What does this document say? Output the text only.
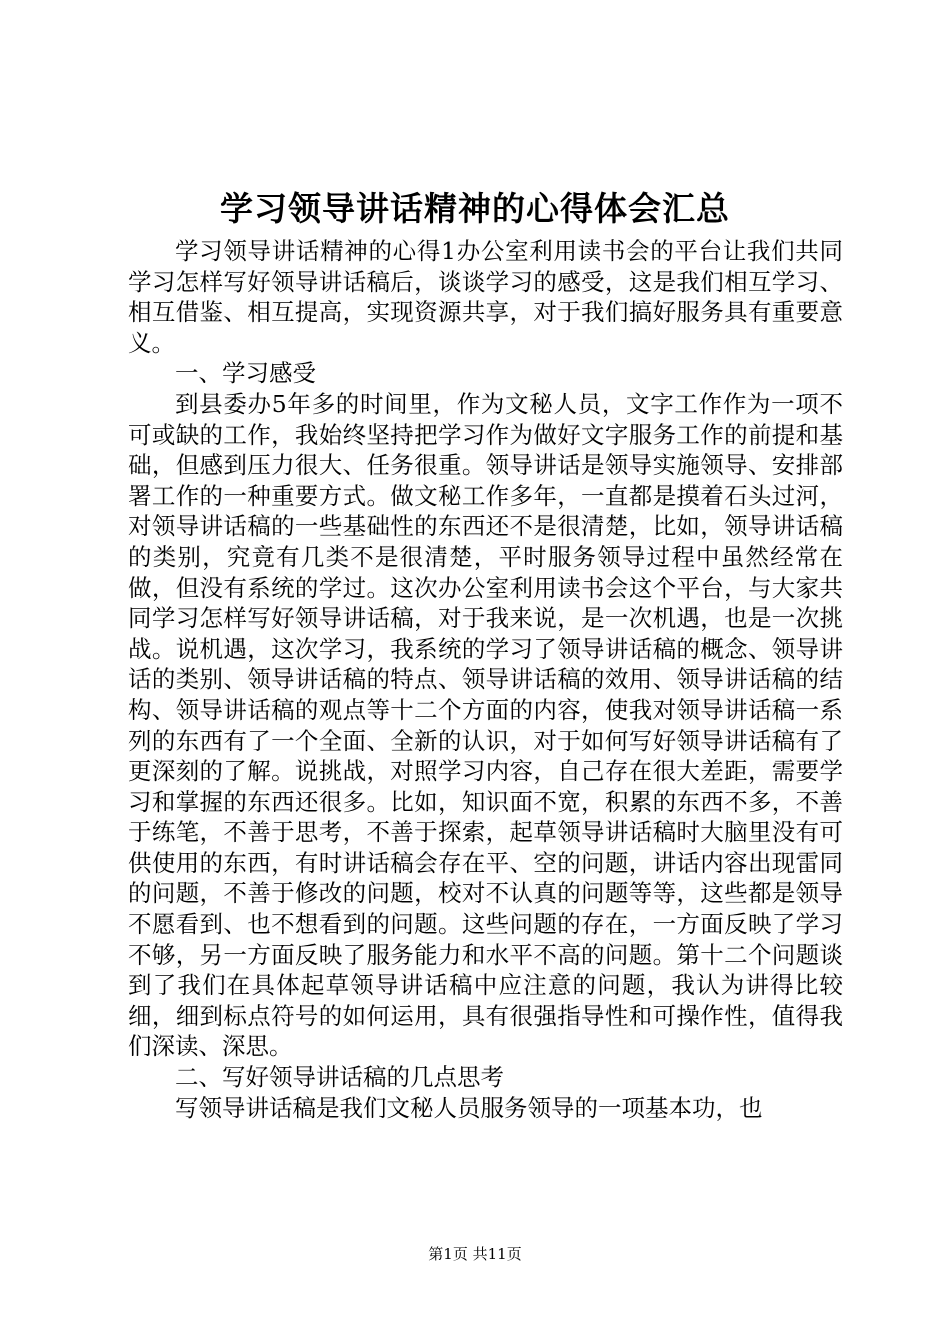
学习领导讲话精神的心得体会汇总

学习领导讲话精神的心得1办公室利用读书会的平台让我们共同学习怎样写好领导讲话稿后，谈谈学习的感受，这是我们相互学习、相互借鉴、相互提高，实现资源共享，对于我们搞好服务具有重要意义。

一、学习感受

到县委办5年多的时间里，作为文秘人员，文字工作作为一项不可或缺的工作，我始终坚持把学习作为做好文字服务工作的前提和基础，但感到压力很大、任务很重。领导讲话是领导实施领导、安排部署工作的一种重要方式。做文秘工作多年，一直都是摸着石头过河，对领导讲话稿的一些基础性的东西还不是很清楚，比如，领导讲话稿的类别，究竟有几类不是很清楚，平时服务领导过程中虽然经常在做，但没有系统的学过。这次办公室利用读书会这个平台，与大家共同学习怎样写好领导讲话稿，对于我来说，是一次机遇，也是一次挑战。说机遇，这次学习，我系统的学习了领导讲话稿的概念、领导讲话的类别、领导讲话稿的特点、领导讲话稿的效用、领导讲话稿的结构、领导讲话稿的观点等十二个方面的内容，使我对领导讲话稿一系列的东西有了一个全面、全新的认识，对于如何写好领导讲话稿有了更深刻的了解。说挑战，对照学习内容，自己存在很大差距，需要学习和掌握的东西还很多。比如，知识面不宽，积累的东西不多，不善于练笔，不善于思考，不善于探索，起草领导讲话稿时大脑里没有可供使用的东西，有时讲话稿会存在平、空的问题，讲话内容出现雷同的问题，不善于修改的问题，校对不认真的问题等等，这些都是领导不愿看到、也不想看到的问题。这些问题的存在，一方面反映了学习不够，另一方面反映了服务能力和水平不高的问题。第十二个问题谈到了我们在具体起草领导讲话稿中应注意的问题，我认为讲得比较细，细到标点符号的如何运用，具有很强指导性和可操作性，值得我们深读、深思。

二、写好领导讲话稿的几点思考

写领导讲话稿是我们文秘人员服务领导的一项基本功，也

第1页 共11页
